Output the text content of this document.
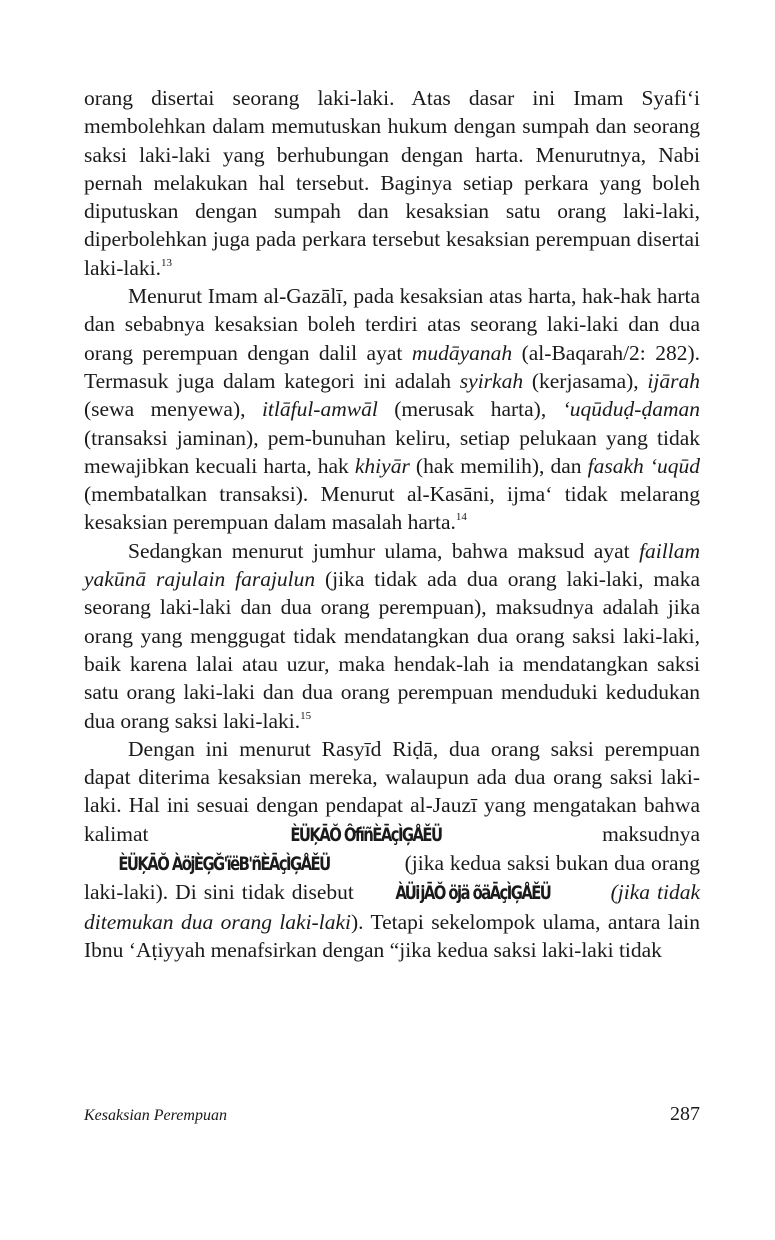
orang disertai seorang laki-laki. Atas dasar ini Imam Syafi‘i membolehkan dalam memutuskan hukum dengan sumpah dan seorang saksi laki-laki yang berhubungan dengan harta. Menurutnya, Nabi pernah melakukan hal tersebut. Baginya setiap perkara yang boleh diputuskan dengan sumpah dan kesaksian satu orang laki-laki, diperbolehkan juga pada perkara tersebut kesaksian perempuan disertai laki-laki.$^{13}$

Menurut Imam al-Gazālī, pada kesaksian atas harta, hak-hak harta dan sebabnya kesaksian boleh terdiri atas seorang laki-laki dan dua orang perempuan dengan dalil ayat mudāyanah (al-Baqarah/2: 282). Termasuk juga dalam kategori ini adalah syirkah (kerjasama), ijārah (sewa menyewa), itlāful-amwāl (merusak harta), ‘uqūduḍ-ḍaman (transaksi jaminan), pem-bunuhan keliru, setiap pelukaan yang tidak mewajibkan kecuali harta, hak khiyār (hak memilih), dan fasakh ‘uqūd (membatalkan transaksi). Menurut al-Kasāni, ijma‘ tidak melarang kesaksian perempuan dalam masalah harta.$^{14}$

Sedangkan menurut jumhur ulama, bahwa maksud ayat faillam yakūnā rajulain farajulun (jika tidak ada dua orang laki-laki, maka seorang laki-laki dan dua orang perempuan), maksudnya adalah jika orang yang menggugat tidak mendatangkan dua orang saksi laki-laki, baik karena lalai atau uzur, maka hendak-lah ia mendatangkan saksi satu orang laki-laki dan dua orang perempuan menduduki kedudukan dua orang saksi laki-laki.$^{15}$

Dengan ini menurut Rasyīd Riḍā, dua orang saksi perempuan dapat diterima kesaksian mereka, walaupun ada dua orang saksi laki-laki. Hal ini sesuai dengan pendapat al-Jauzī yang mengatakan bahwa kalimat ÈÜĶĀŎ ÔfïñÈĀçÌĢÅĚÜ maksudnya ÈÜĶĀŎ ÀöjÈĢĞ'ïëB'ñÈĀçÌĢÅĚÜ	(jika kedua saksi bukan dua orang laki-laki). Di sini tidak disebut ÀÜĳĀŎ öjä õäĀçÌĢÅĚÜ (jika tidak ditemukan dua orang laki-laki). Tetapi sekelompok ulama, antara lain Ibnu ‘Aṭiyyah menafsirkan dengan “jika kedua saksi laki-laki tidak

Kesaksian Perempuan	287
